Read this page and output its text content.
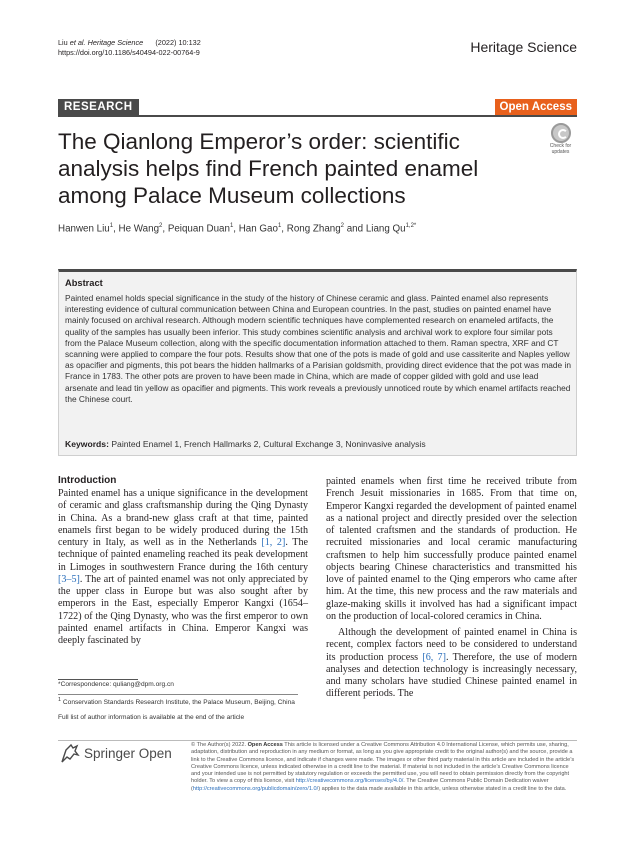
Liu et al. Heritage Science (2022) 10:132
https://doi.org/10.1186/s40494-022-00764-9	Heritage Science
RESEARCH	Open Access
The Qianlong Emperor’s order: scientific analysis helps find French painted enamel among Palace Museum collections
Check for
updates
Hanwen Liu$^1$, He Wang$^2$, Peiquan Duan$^1$, Han Gao$^1$, Rong Zhang$^2$ and Liang $Qu^{1,2*}$
Abstract
Painted enamel holds special significance in the study of the history of Chinese ceramic and glass. Painted enamel also represents interesting evidence of cultural communication between China and European countries. In the past, studies on painted enamel have mainly focused on archival research. Although modern scientific techniques have complemented research on enameled artifacts, the quality of the samples has usually been inferior. This study combines scientific analysis and archival work to explore four similar pots from the Palace Museum collection, along with the specific documentation information attached to them. Raman spectra, XRF and CT scanning were applied to compare the four pots. Results show that one of the pots is made of gold and use cassiterite and Naples yellow as opacifier and pigments, this pot bears the hidden hallmarks of a Parisian goldsmith, providing direct evidence that the pot was made in France in 1783. The other pots are proven to have been made in China, which are made of copper gilded with gold and use lead arsenate and lead tin yellow as opacifier and pigments. This work reveals a previously unnoticed route by which enamel artifacts reached the Chinese court.
Keywords: Painted Enamel 1, French Hallmarks 2, Cultural Exchange 3, Noninvasive analysis
Introduction

Painted enamel has a unique significance in the development of ceramic and glass craftsmanship during the Qing Dynasty in China. As a brand-new glass craft at that time, painted enamels first began to be widely produced during the 15th century in Italy, as well as in the Netherlands [1, 2]. The technique of painted enameling reached its peak development in Limoges in southwestern France during the 16th century [3–5]. The art of painted enamel was not only appreciated by the upper class in Europe but was also sought after by emperors in the East, especially Emperor Kangxi (1654–1722) of the Qing Dynasty, who was the first emperor to own painted enamel artifacts in China. Emperor Kangxi was deeply fascinated by

painted enamels when first time he received tribute from French Jesuit missionaries in 1685. From that time on, Emperor Kangxi regarded the development of painted enamel as a national project and directly presided over the selection of talented craftsmen and the standards of production. He recruited missionaries and local ceramic manufacturing craftsmen to help him successfully produce painted enamel objects bearing Chinese characteristics and transmitted his love of painted enamel to the Qing emperors who came after him. At the time, this new process and the raw materials and glaze-making skills it involved has had a significant impact on the production of local-colored ceramics in China.

Although the development of painted enamel in China is recent, complex factors need to be considered to understand its production process [6, 7]. Therefore, the use of modern analyses and detection technology is increasingly necessary, and many scholars have studied Chinese painted enamel in different periods. The

*Correspondence: quliang@dpm.org.cn
$^1$ Conservation Standards Research Institute, the Palace Museum, Beijing, China
Full list of author information is available at the end of the article
Springer Open
© The Author(s) 2022. Open Access This article is licensed under a Creative Commons Attribution 4.0 International License, which permits use, sharing, adaptation, distribution and reproduction in any medium or format, as long as you give appropriate credit to the original author(s) and the source, provide a link to the Creative Commons licence, and indicate if changes were made. The images or other third party material in this article are included in the article’s Creative Commons licence, unless indicated otherwise in a credit line to the material. If material is not included in the article’s Creative Commons licence and your intended use is not permitted by statutory regulation or exceeds the permitted use, you will need to obtain permission directly from the copyright holder. To view a copy of this licence, visit http://creativecommons.org/licenses/by/4.0/. The Creative Commons Public Domain Dedication waiver (http://creativecommons.org/publicdomain/zero/1.0/) applies to the data made available in this article, unless otherwise stated in a credit line to the data.
